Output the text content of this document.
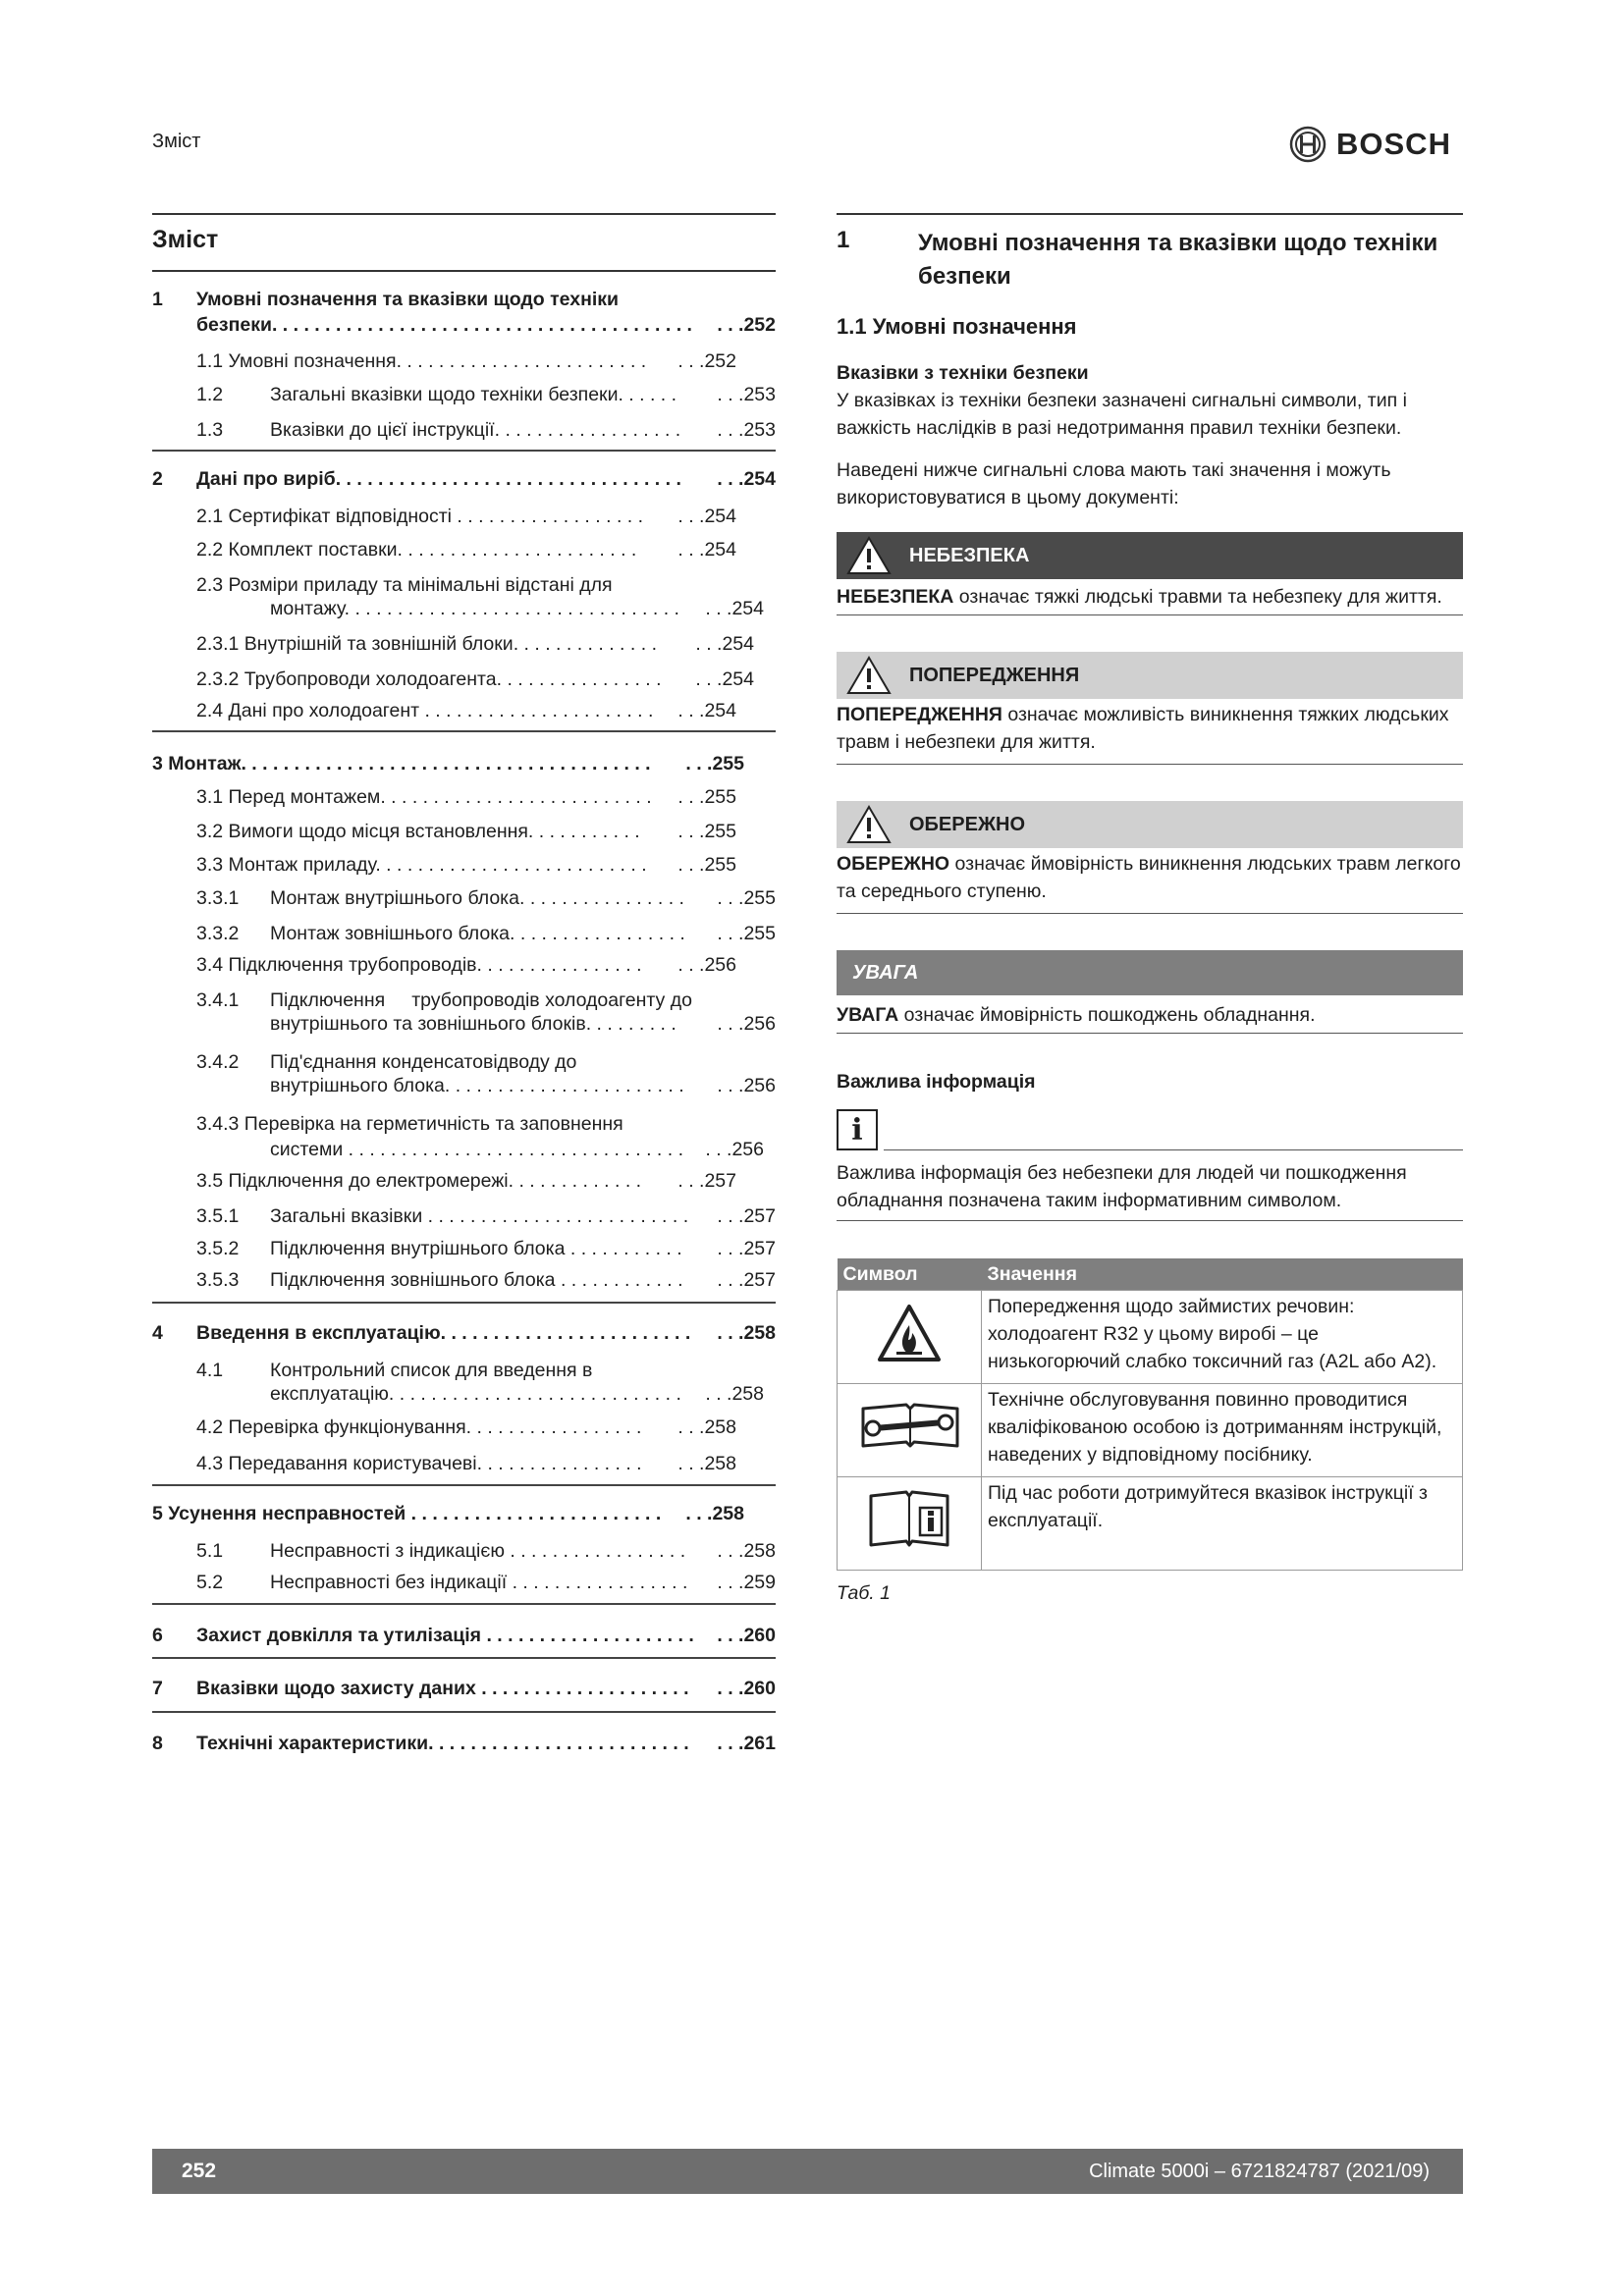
Зміст	BOSCH
Зміст
1 Умовні позначення та вказівки щодо техніки
безпеки. . . . . . . . . . . . . . . . . . . . . . . . . . . . . . . . . . . . . . . . . . .252
1.1 Умовні позначення. . . . . . . . . . . . . . . . . . . . . . . . . . .252
1.2 Загальні вказівки щодо техніки безпеки. . . . . . . . .253
1.3 Вказівки до цієї інструкції. . . . . . . . . . . . . . . . . . . . .253
2 Дані про виріб. . . . . . . . . . . . . . . . . . . . . . . . . . . . . . . . . . . .254
2.1 Сертифікат відповідності . . . . . . . . . . . . . . . . . . . . .254
2.2 Комплект поставки. . . . . . . . . . . . . . . . . . . . . . . . . .254
2.3 Розміри приладу та мінімальні відстані для
монтажу. . . . . . . . . . . . . . . . . . . . . . . . . . . . . . . . . . .254
2.3.1 Внутрішній та зовнішній блоки. . . . . . . . . . . . . . . . .254
2.3.2 Трубопроводи холодоагента. . . . . . . . . . . . . . . . . . .254
2.4 Дані про холодоагент . . . . . . . . . . . . . . . . . . . . . . . . .254
3 Монтаж. . . . . . . . . . . . . . . . . . . . . . . . . . . . . . . . . . . . . . . . . .255
3.1 Перед монтажем. . . . . . . . . . . . . . . . . . . . . . . . . . . . .255
3.2 Вимоги щодо місця встановлення. . . . . . . . . . . . . .255
3.3 Монтаж приладу. . . . . . . . . . . . . . . . . . . . . . . . . . . . .255
3.3.1 Монтаж внутрішнього блока. . . . . . . . . . . . . . . . . . .255
3.3.2 Монтаж зовнішнього блока. . . . . . . . . . . . . . . . . . . .255
3.4 Підключення трубопроводів. . . . . . . . . . . . . . . . . . .256
3.4.1 Підключення     трубопроводів холодоагенту до
внутрішнього та зовнішнього блоків. . . . . . . . . . . .256
3.4.2 Під'єднання конденсатовідводу до
внутрішнього блока. . . . . . . . . . . . . . . . . . . . . . . . . .256
3.4.3 Перевірка на герметичність та заповнення
системи . . . . . . . . . . . . . . . . . . . . . . . . . . . . . . . . . . .256
3.5 Підключення до електромережі. . . . . . . . . . . . . . . .257
3.5.1 Загальні вказівки . . . . . . . . . . . . . . . . . . . . . . . . . . . .257
3.5.2 Підключення внутрішнього блока . . . . . . . . . . . . . .257
3.5.3 Підключення зовнішнього блока . . . . . . . . . . . . . . .257
4 Введення в експлуатацію. . . . . . . . . . . . . . . . . . . . . . . . . . .258
4.1 Контрольний список для введення в
експлуатацію. . . . . . . . . . . . . . . . . . . . . . . . . . . . . . .258
4.2 Перевірка функціонування. . . . . . . . . . . . . . . . . . . .258
4.3 Передавання користувачеві. . . . . . . . . . . . . . . . . . .258
5 Усунення несправностей . . . . . . . . . . . . . . . . . . . . . . . . . . .258
5.1 Несправності з індикацією . . . . . . . . . . . . . . . . . . . .258
5.2 Несправності без індикації . . . . . . . . . . . . . . . . . . . .259
6 Захист довкілля та утилізація . . . . . . . . . . . . . . . . . . . . . . .260
7 Вказівки щодо захисту даних . . . . . . . . . . . . . . . . . . . . . . .260
8 Технічні характеристики. . . . . . . . . . . . . . . . . . . . . . . . . . . .261
1	Умовні позначення та вказівки щодо техніки безпеки
1.1 Умовні позначення
Вказівки з техніки безпеки
У вказівках із техніки безпеки зазначені сигнальні символи, тип і важкість наслідків в разі недотримання правил техніки безпеки.
Наведені нижче сигнальні слова мають такі значення і можуть використовуватися в цьому документі:
НЕБЕЗПЕКА
НЕБЕЗПЕКА означає тяжкі людські травми та небезпеку для життя.
ПОПЕРЕДЖЕННЯ
ПОПЕРЕДЖЕННЯ означає можливість виникнення тяжких людських травм і небезпеки для життя.
ОБЕРЕЖНО
ОБЕРЕЖНО означає ймовірність виникнення людських травм легкого та середнього ступеню.
УВАГА
УВАГА означає ймовірність пошкоджень обладнання.
Важлива інформація
i
Важлива інформація без небезпеки для людей чи пошкодження обладнання позначена таким інформативним символом.
Символ	Значення
	Попередження щодо займистих речовин: холодоагент R32 у цьому виробі – це низькогорючий слабко токсичний газ (A2L або A2).
	Технічне обслуговування повинно проводитися кваліфікованою особою із дотриманням інструкцій, наведених у відповідному посібнику.
	Під час роботи дотримуйтеся вказівок інструкції з експлуатації.
Таб. 1
252	Climate 5000i – 6721824787 (2021/09)
